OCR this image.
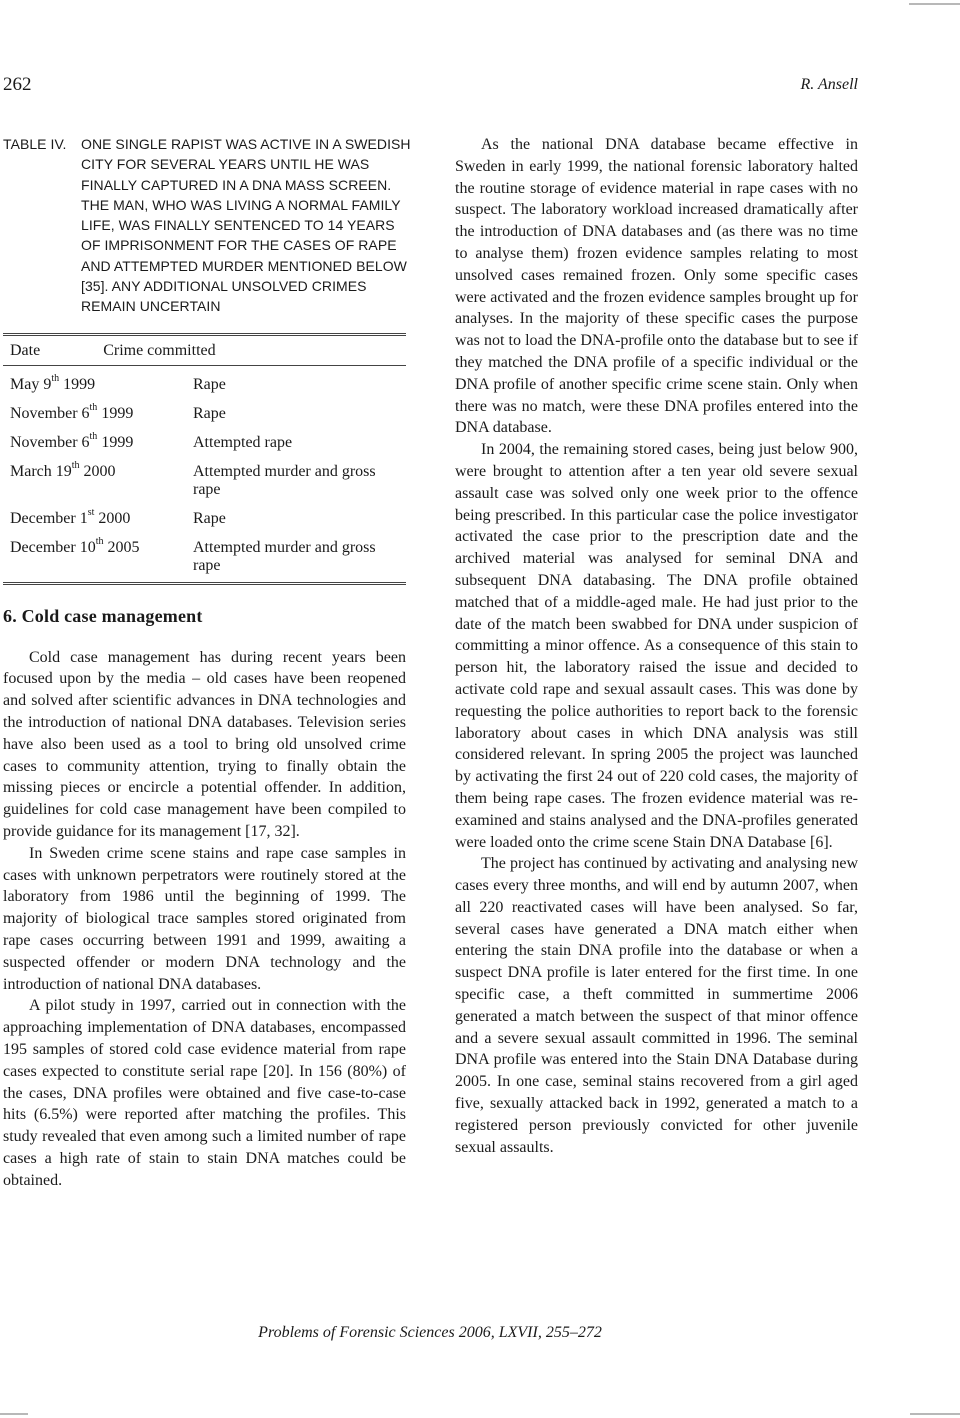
262	R. Ansell
TABLE IV. ONE SINGLE RAPIST WAS ACTIVE IN A SWEDISH CITY FOR SEVERAL YEARS UNTIL HE WAS FINALLY CAPTURED IN A DNA MASS SCREEN. THE MAN, WHO WAS LIVING A NORMAL FAMILY LIFE, WAS FINALLY SENTENCED TO 14 YEARS OF IMPRISONMENT FOR THE CASES OF RAPE AND ATTEMPTED MURDER MENTIONED BELOW [35]. ANY ADDITIONAL UNSOLVED CRIMES REMAIN UNCERTAIN
Date	Crime committed
May 9th 1999	Rape
November 6th 1999	Rape
November 6th 1999	Attempted rape
March 19th 2000	Attempted murder and gross rape
December 1st 2000	Rape
December 10th 2005	Attempted murder and gross rape
6. Cold case management

Cold case management has during recent years been focused upon by the media – old cases have been reopened and solved after scientific advances in DNA technologies and the introduction of national DNA databases. Television series have also been used as a tool to bring old unsolved crime cases to community attention, trying to finally obtain the missing pieces or encircle a potential offender. In addition, guidelines for cold case management have been compiled to provide guidance for its management [17, 32].

In Sweden crime scene stains and rape case samples in cases with unknown perpetrators were routinely stored at the laboratory from 1986 until the beginning of 1999. The majority of biological trace samples stored originated from rape cases occurring between 1991 and 1999, awaiting a suspected offender or modern DNA technology and the introduction of national DNA databases.

A pilot study in 1997, carried out in connection with the approaching implementation of DNA databases, encompassed 195 samples of stored cold case evidence material from rape cases expected to constitute serial rape [20]. In 156 (80%) of the cases, DNA profiles were obtained and five case-to-case hits (6.5%) were reported after matching the profiles. This study revealed that even among such a limited number of rape cases a high rate of stain to stain DNA matches could be obtained.

As the national DNA database became effective in Sweden in early 1999, the national forensic laboratory halted the routine storage of evidence material in rape cases with no suspect. The laboratory workload increased dramatically after the introduction of DNA databases and (as there was no time to analyse them) frozen evidence samples relating to most unsolved cases remained frozen. Only some specific cases were activated and the frozen evidence samples brought up for analyses. In the majority of these specific cases the purpose was not to load the DNA-profile onto the database but to see if they matched the DNA profile of a specific individual or the DNA profile of another specific crime scene stain. Only when there was no match, were these DNA profiles entered into the DNA database.

In 2004, the remaining stored cases, being just below 900, were brought to attention after a ten year old severe sexual assault case was solved only one week prior to the offence being prescribed. In this particular case the police investigator activated the case prior to the prescription date and the archived material was analysed for seminal DNA and subsequent DNA databasing. The DNA profile obtained matched that of a middle-aged male. He had just prior to the date of the match been swabbed for DNA under suspicion of committing a minor offence. As a consequence of this stain to person hit, the laboratory raised the issue and decided to activate cold rape and sexual assault cases. This was done by requesting the police authorities to report back to the forensic laboratory about cases in which DNA analysis was still considered relevant. In spring 2005 the project was launched by activating the first 24 out of 220 cold cases, the majority of them being rape cases. The frozen evidence material was re-examined and stains analysed and the DNA-profiles generated were loaded onto the crime scene Stain DNA Database [6].

The project has continued by activating and analysing new cases every three months, and will end by autumn 2007, when all 220 reactivated cases will have been analysed. So far, several cases have generated a DNA match either when entering the stain DNA profile into the database or when a suspect DNA profile is later entered for the first time. In one specific case, a theft committed in summertime 2006 generated a match between the suspect of that minor offence and a severe sexual assault committed in 1996. The seminal DNA profile was entered into the Stain DNA Database during 2005. In one case, seminal stains recovered from a girl aged five, sexually attacked back in 1992, generated a match to a registered person previously convicted for other juvenile sexual assaults.

Problems of Forensic Sciences 2006, LXVII, 255–272
